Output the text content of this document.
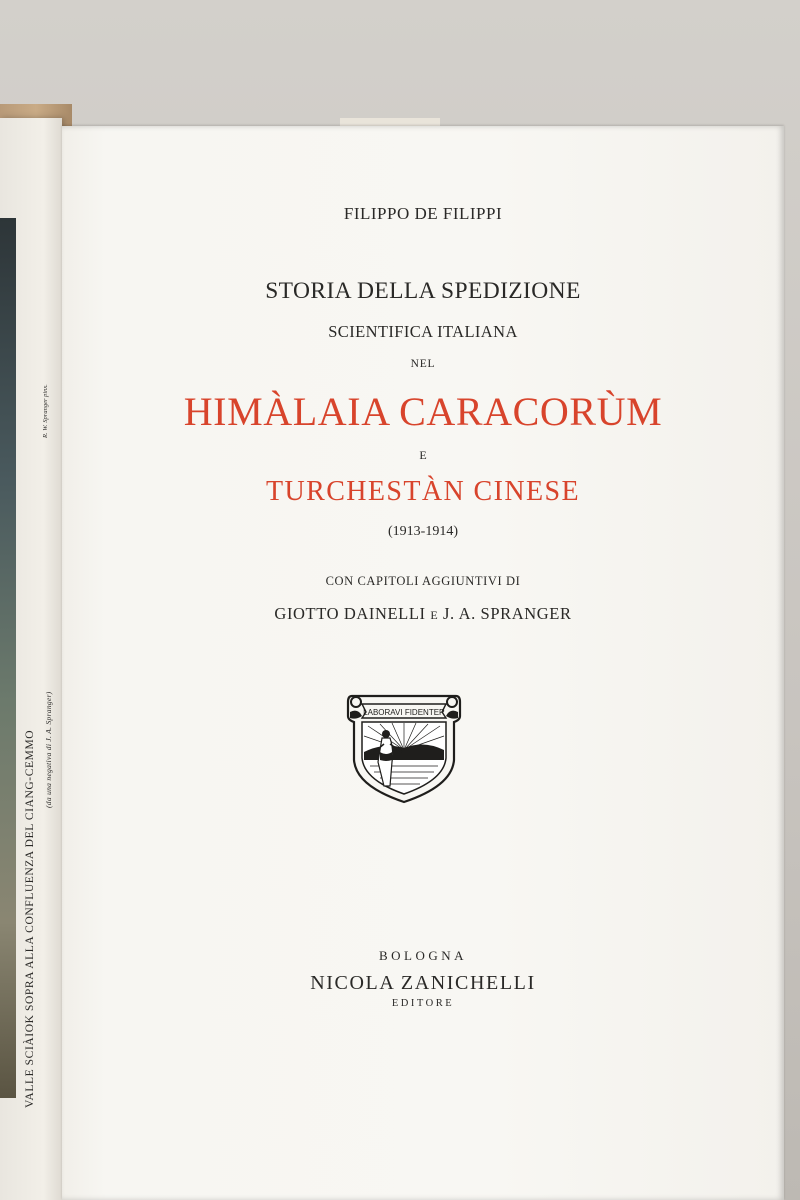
VALLE SCIÀIOK SOPRA ALLA CONFLUENZA DEL CIANG-CEMMO (da una negativa di J. A. Spranger)
R. W. Spranger pinx.
FILIPPO DE FILIPPI
STORIA DELLA SPEDIZIONE
SCIENTIFICA ITALIANA
NEL
HIMÀLAIA CARACORÙM
E
TURCHESTÀN CINESE
(1913-1914)
CON CAPITOLI AGGIUNTIVI DI
GIOTTO DAINELLI E J. A. SPRANGER
LABORAVI FIDENTER
BOLOGNA
NICOLA ZANICHELLI
EDITORE
